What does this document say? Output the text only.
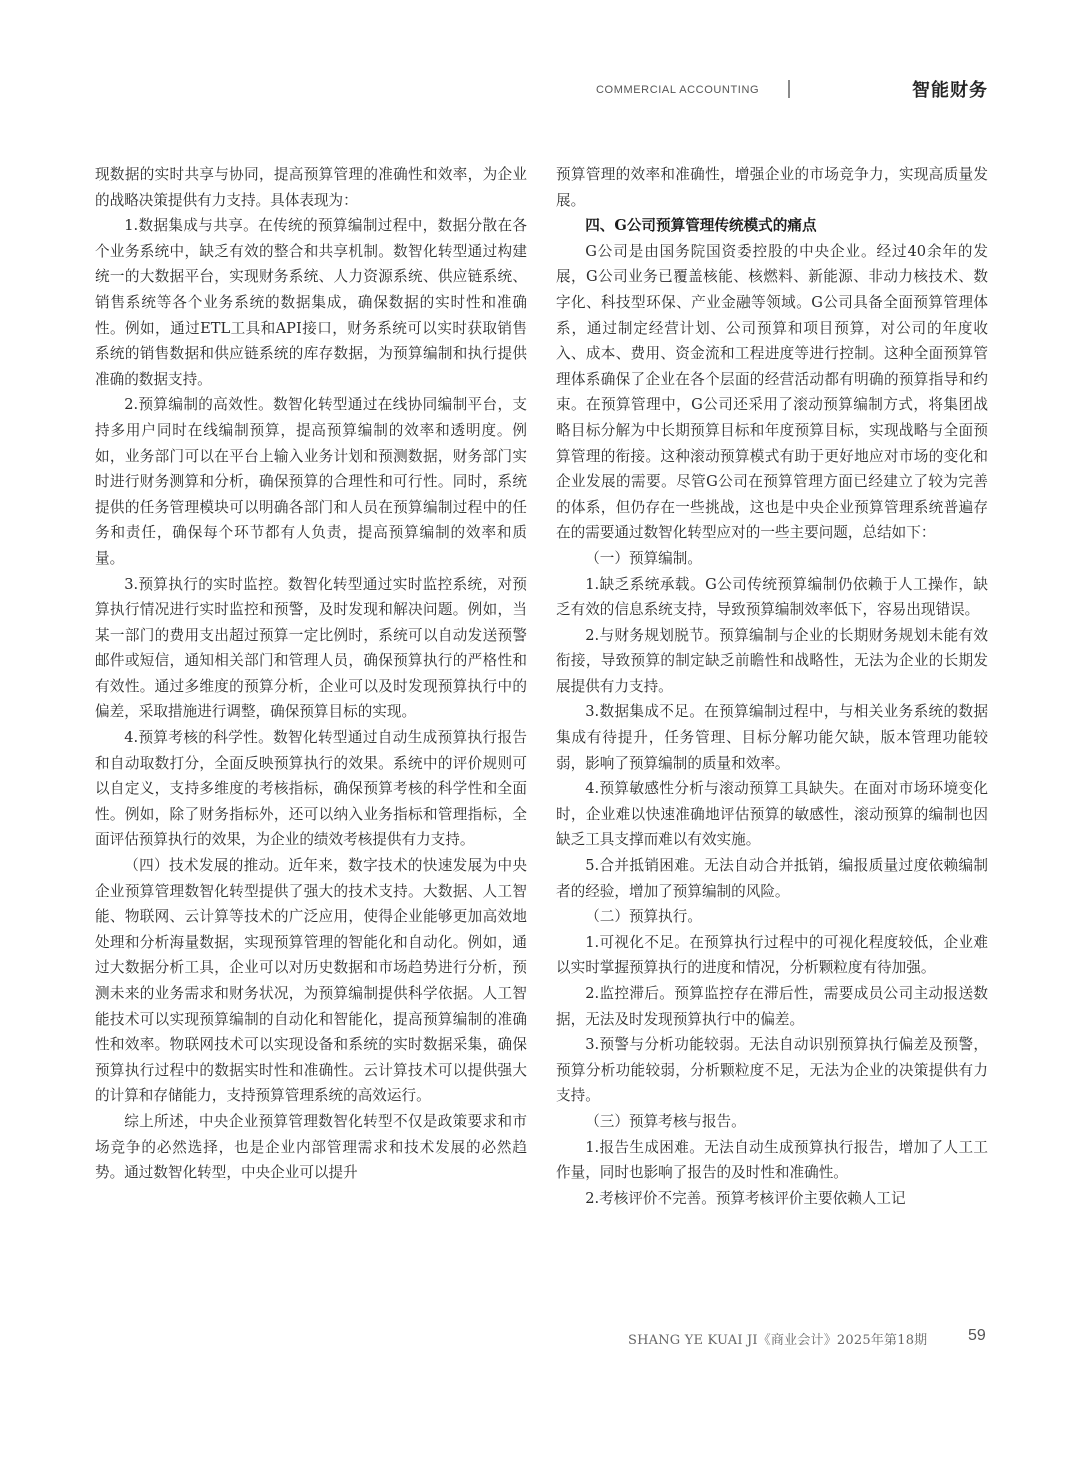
COMMERCIAL ACCOUNTING	智能财务

现数据的实时共享与协同，提高预算管理的准确性和效率，为企业的战略决策提供有力支持。具体表现为：

1.数据集成与共享。在传统的预算编制过程中，数据分散在各个业务系统中，缺乏有效的整合和共享机制。数智化转型通过构建统一的大数据平台，实现财务系统、人力资源系统、供应链系统、销售系统等各个业务系统的数据集成，确保数据的实时性和准确性。例如，通过ETL工具和API接口，财务系统可以实时获取销售系统的销售数据和供应链系统的库存数据，为预算编制和执行提供准确的数据支持。

2.预算编制的高效性。数智化转型通过在线协同编制平台，支持多用户同时在线编制预算，提高预算编制的效率和透明度。例如，业务部门可以在平台上输入业务计划和预测数据，财务部门实时进行财务测算和分析，确保预算的合理性和可行性。同时，系统提供的任务管理模块可以明确各部门和人员在预算编制过程中的任务和责任，确保每个环节都有人负责，提高预算编制的效率和质量。

3.预算执行的实时监控。数智化转型通过实时监控系统，对预算执行情况进行实时监控和预警，及时发现和解决问题。例如，当某一部门的费用支出超过预算一定比例时，系统可以自动发送预警邮件或短信，通知相关部门和管理人员，确保预算执行的严格性和有效性。通过多维度的预算分析，企业可以及时发现预算执行中的偏差，采取措施进行调整，确保预算目标的实现。

4.预算考核的科学性。数智化转型通过自动生成预算执行报告和自动取数打分，全面反映预算执行的效果。系统中的评价规则可以自定义，支持多维度的考核指标，确保预算考核的科学性和全面性。例如，除了财务指标外，还可以纳入业务指标和管理指标，全面评估预算执行的效果，为企业的绩效考核提供有力支持。

（四）技术发展的推动。近年来，数字技术的快速发展为中央企业预算管理数智化转型提供了强大的技术支持。大数据、人工智能、物联网、云计算等技术的广泛应用，使得企业能够更加高效地处理和分析海量数据，实现预算管理的智能化和自动化。例如，通过大数据分析工具，企业可以对历史数据和市场趋势进行分析，预测未来的业务需求和财务状况，为预算编制提供科学依据。人工智能技术可以实现预算编制的自动化和智能化，提高预算编制的准确性和效率。物联网技术可以实现设备和系统的实时数据采集，确保预算执行过程中的数据实时性和准确性。云计算技术可以提供强大的计算和存储能力，支持预算管理系统的高效运行。

综上所述，中央企业预算管理数智化转型不仅是政策要求和市场竞争的必然选择，也是企业内部管理需求和技术发展的必然趋势。通过数智化转型，中央企业可以提升

预算管理的效率和准确性，增强企业的市场竞争力，实现高质量发展。

四、G公司预算管理传统模式的痛点

G公司是由国务院国资委控股的中央企业。经过40余年的发展，G公司业务已覆盖核能、核燃料、新能源、非动力核技术、数字化、科技型环保、产业金融等领域。G公司具备全面预算管理体系，通过制定经营计划、公司预算和项目预算，对公司的年度收入、成本、费用、资金流和工程进度等进行控制。这种全面预算管理体系确保了企业在各个层面的经营活动都有明确的预算指导和约束。在预算管理中，G公司还采用了滚动预算编制方式，将集团战略目标分解为中长期预算目标和年度预算目标，实现战略与全面预算管理的衔接。这种滚动预算模式有助于更好地应对市场的变化和企业发展的需要。尽管G公司在预算管理方面已经建立了较为完善的体系，但仍存在一些挑战，这也是中央企业预算管理系统普遍存在的需要通过数智化转型应对的一些主要问题，总结如下：

（一）预算编制。

1.缺乏系统承载。G公司传统预算编制仍依赖于人工操作，缺乏有效的信息系统支持，导致预算编制效率低下，容易出现错误。

2.与财务规划脱节。预算编制与企业的长期财务规划未能有效衔接，导致预算的制定缺乏前瞻性和战略性，无法为企业的长期发展提供有力支持。

3.数据集成不足。在预算编制过程中，与相关业务系统的数据集成有待提升，任务管理、目标分解功能欠缺，版本管理功能较弱，影响了预算编制的质量和效率。

4.预算敏感性分析与滚动预算工具缺失。在面对市场环境变化时，企业难以快速准确地评估预算的敏感性，滚动预算的编制也因缺乏工具支撑而难以有效实施。

5.合并抵销困难。无法自动合并抵销，编报质量过度依赖编制者的经验，增加了预算编制的风险。

（二）预算执行。

1.可视化不足。在预算执行过程中的可视化程度较低，企业难以实时掌握预算执行的进度和情况，分析颗粒度有待加强。

2.监控滞后。预算监控存在滞后性，需要成员公司主动报送数据，无法及时发现预算执行中的偏差。

3.预警与分析功能较弱。无法自动识别预算执行偏差及预警，预算分析功能较弱，分析颗粒度不足，无法为企业的决策提供有力支持。

（三）预算考核与报告。

1.报告生成困难。无法自动生成预算执行报告，增加了人工工作量，同时也影响了报告的及时性和准确性。

2.考核评价不完善。预算考核评价主要依赖人工记

SHANG YE KUAI JI《商业会计》2025年第18期	59
